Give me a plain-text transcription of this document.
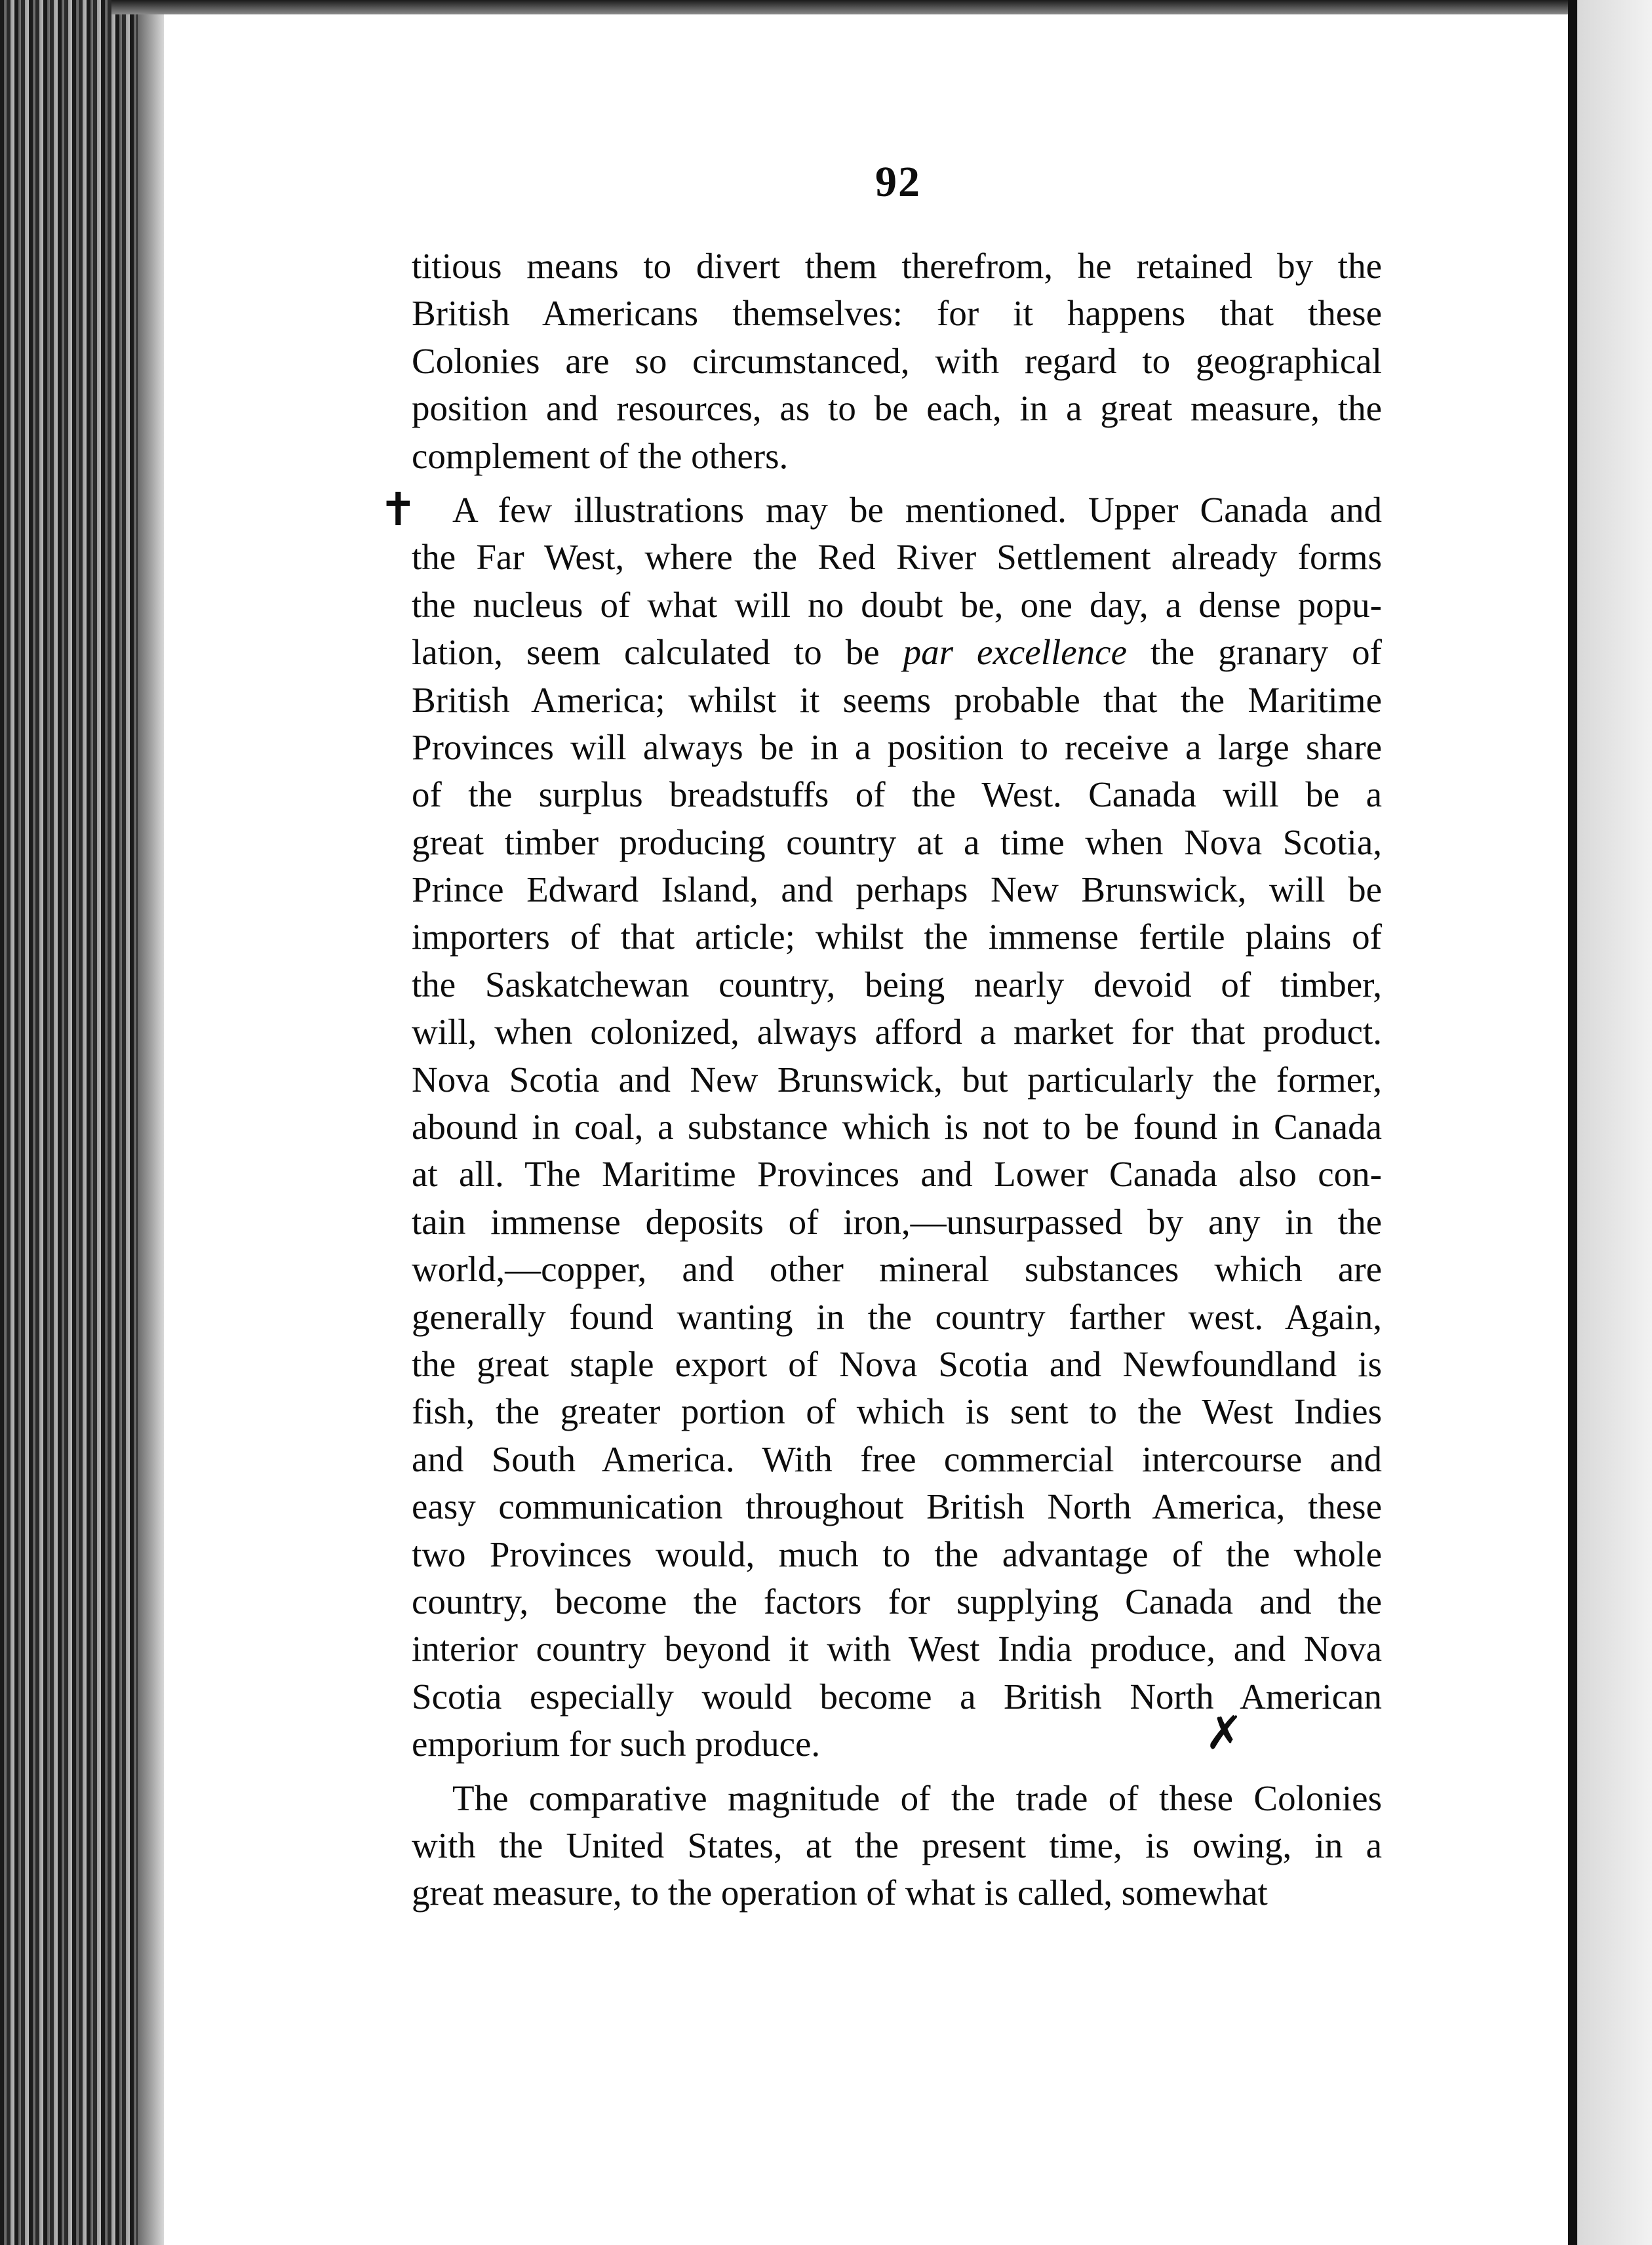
92
✝
✗
titious means to divert them therefrom, he retained by the
British Americans themselves: for it happens that these
Colonies are so circumstanced, with regard to geographical
position and resources, as to be each, in a great measure, the
complement of the others.
A few illustrations may be mentioned. Upper Canada and
the Far West, where the Red River Settlement already forms
the nucleus of what will no doubt be, one day, a dense popu-
lation, seem calculated to be par excellence the granary of
British America; whilst it seems probable that the Maritime
Provinces will always be in a position to receive a large share
of the surplus breadstuffs of the West. Canada will be a
great timber producing country at a time when Nova Scotia,
Prince Edward Island, and perhaps New Brunswick, will be
importers of that article; whilst the immense fertile plains of
the Saskatchewan country, being nearly devoid of timber,
will, when colonized, always afford a market for that product.
Nova Scotia and New Brunswick, but particularly the former,
abound in coal, a substance which is not to be found in Canada
at all. The Maritime Provinces and Lower Canada also con-
tain immense deposits of iron,—unsurpassed by any in the
world,—copper, and other mineral substances which are
generally found wanting in the country farther west. Again,
the great staple export of Nova Scotia and Newfoundland is
fish, the greater portion of which is sent to the West Indies
and South America. With free commercial intercourse and
easy communication throughout British North America, these
two Provinces would, much to the advantage of the whole
country, become the factors for supplying Canada and the
interior country beyond it with West India produce, and Nova
Scotia especially would become a British North American
emporium for such produce.
The comparative magnitude of the trade of these Colonies
with the United States, at the present time, is owing, in a
great measure, to the operation of what is called, somewhat
